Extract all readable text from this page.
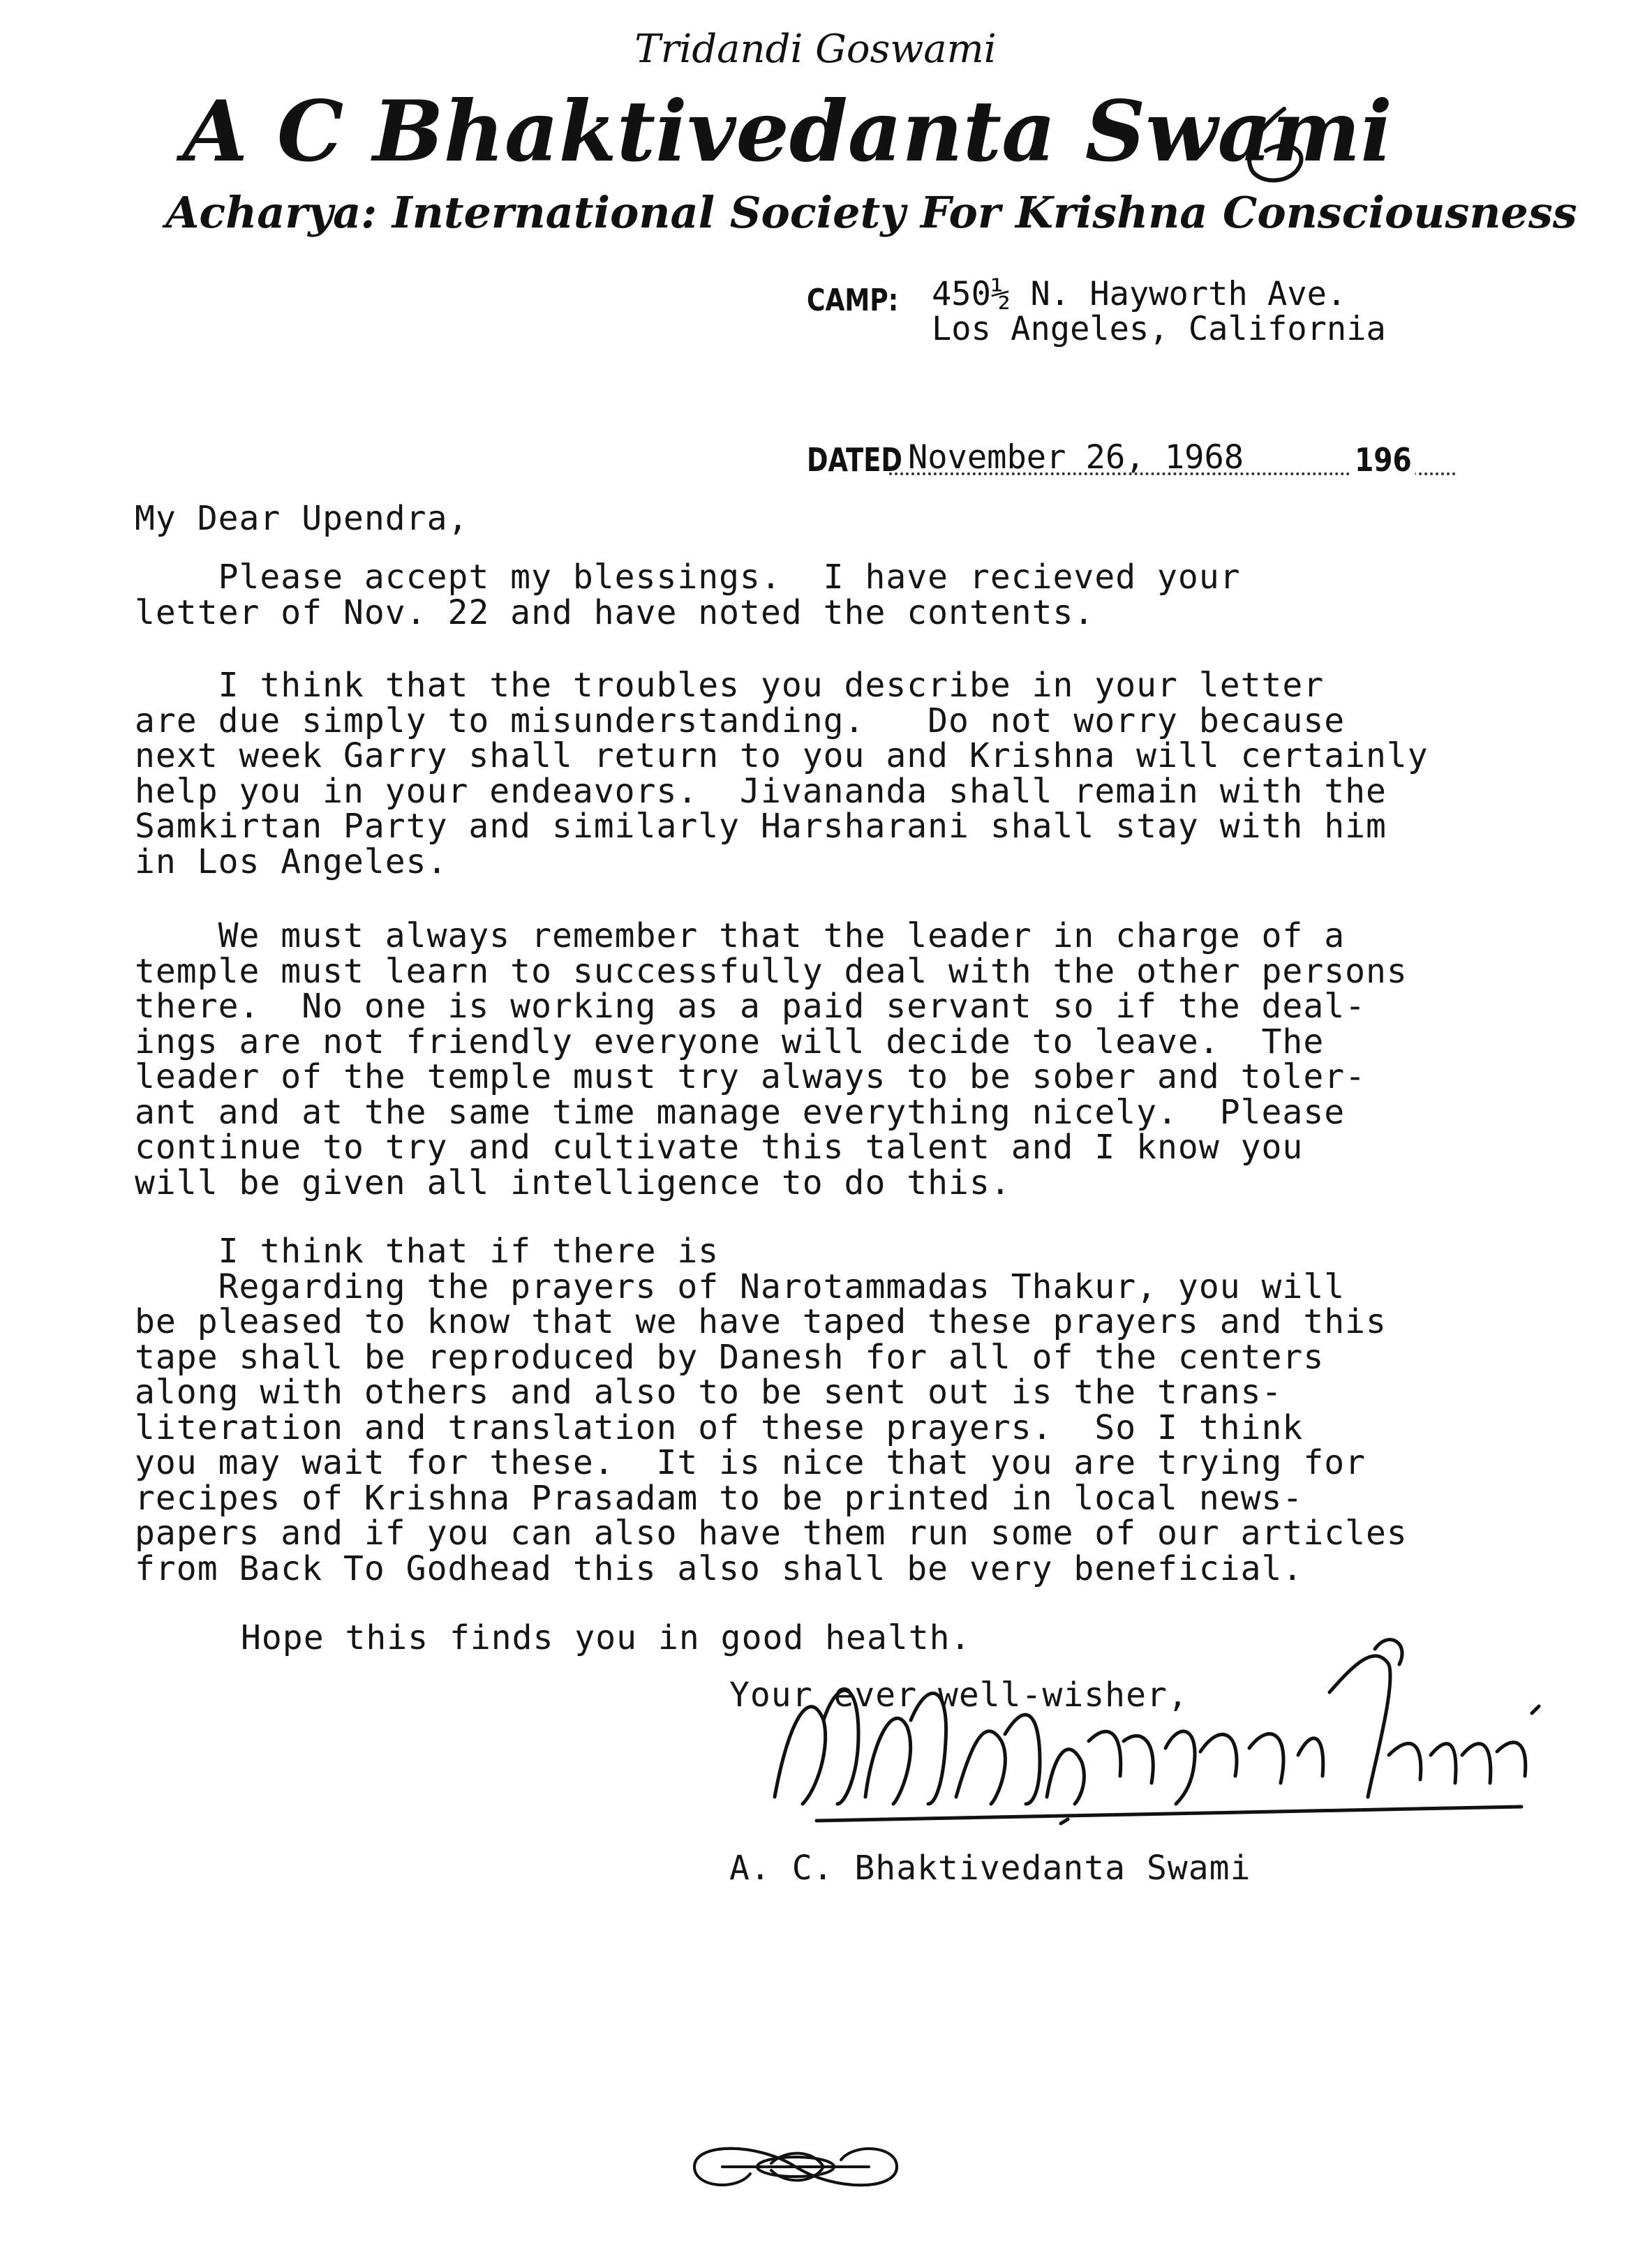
Tridandi Goswami
A C Bhaktivedanta Swami
Acharya: International Society For Krishna Consciousness
CAMP: 450½ N. Hayworth Ave.
Los Angeles, California
DATED November 26, 1968	196
My Dear Upendra,
Please accept my blessings.  I have recieved your
letter of Nov. 22 and have noted the contents.
I think that the troubles you describe in your letter
are due simply to misunderstanding.   Do not worry because
next week Garry shall return to you and Krishna will certainly
help you in your endeavors.  Jivananda shall remain with the
Samkirtan Party and similarly Harsharani shall stay with him
in Los Angeles.
We must always remember that the leader in charge of a
temple must learn to successfully deal with the other persons
there.  No one is working as a paid servant so if the deal-
ings are not friendly everyone will decide to leave.  The
leader of the temple must try always to be sober and toler-
ant and at the same time manage everything nicely.  Please
continue to try and cultivate this talent and I know you
will be given all intelligence to do this.
I think that if there is
Regarding the prayers of Narotammadas Thakur, you will
be pleased to know that we have taped these prayers and this
tape shall be reproduced by Danesh for all of the centers
along with others and also to be sent out is the trans-
literation and translation of these prayers.  So I think
you may wait for these.  It is nice that you are trying for
recipes of Krishna Prasadam to be printed in local news-
papers and if you can also have them run some of our articles
from Back To Godhead this also shall be very beneficial.
Hope this finds you in good health.
Your ever well-wisher,
A. C. Bhaktivedanta Swami
